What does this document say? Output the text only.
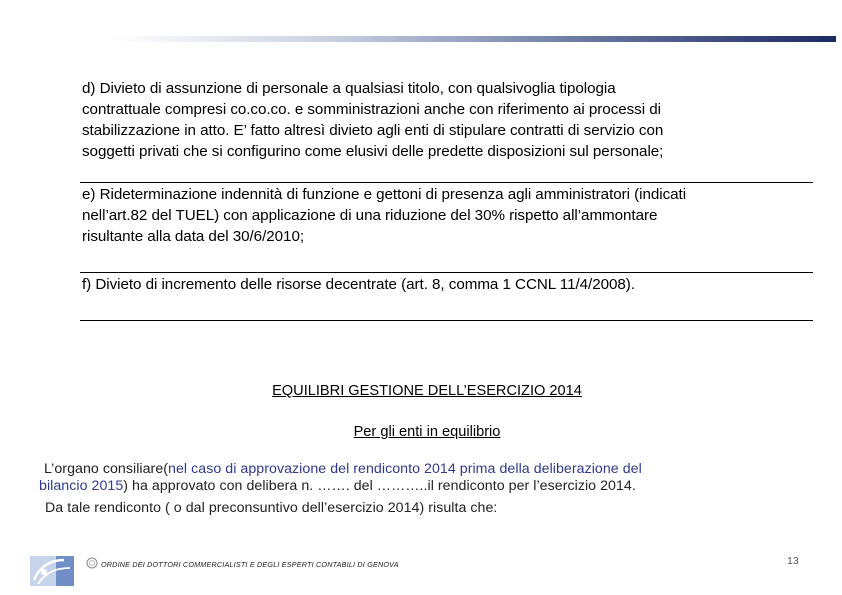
d) Divieto di assunzione di personale a qualsiasi titolo, con qualsivoglia tipologia
contrattuale compresi co.co.co. e somministrazioni anche con riferimento ai processi di
stabilizzazione in atto. E’ fatto altresì divieto agli enti di stipulare contratti di servizio con
soggetti privati che si configurino come elusivi delle predette disposizioni sul personale;
e) Rideterminazione indennità di funzione e gettoni di presenza agli amministratori (indicati
nell’art.82 del TUEL) con applicazione di una riduzione del 30% rispetto all’ammontare
risultante alla data del 30/6/2010;
f) Divieto di incremento delle risorse decentrate (art. 8, comma 1 CCNL 11/4/2008).
EQUILIBRI GESTIONE DELL’ESERCIZIO 2014
Per gli enti in equilibrio
L’organo consiliare(nel caso di approvazione del rendiconto 2014 prima della deliberazione del
bilancio 2015) ha approvato con delibera n. ……. del ………..il rendiconto per l’esercizio 2014.
Da tale rendiconto ( o dal preconsuntivo dell’esercizio 2014) risulta che:
ORDINE DEI DOTTORI COMMERCIALISTI E DEGLI ESPERTI CONTABILI DI GENOVA	13
